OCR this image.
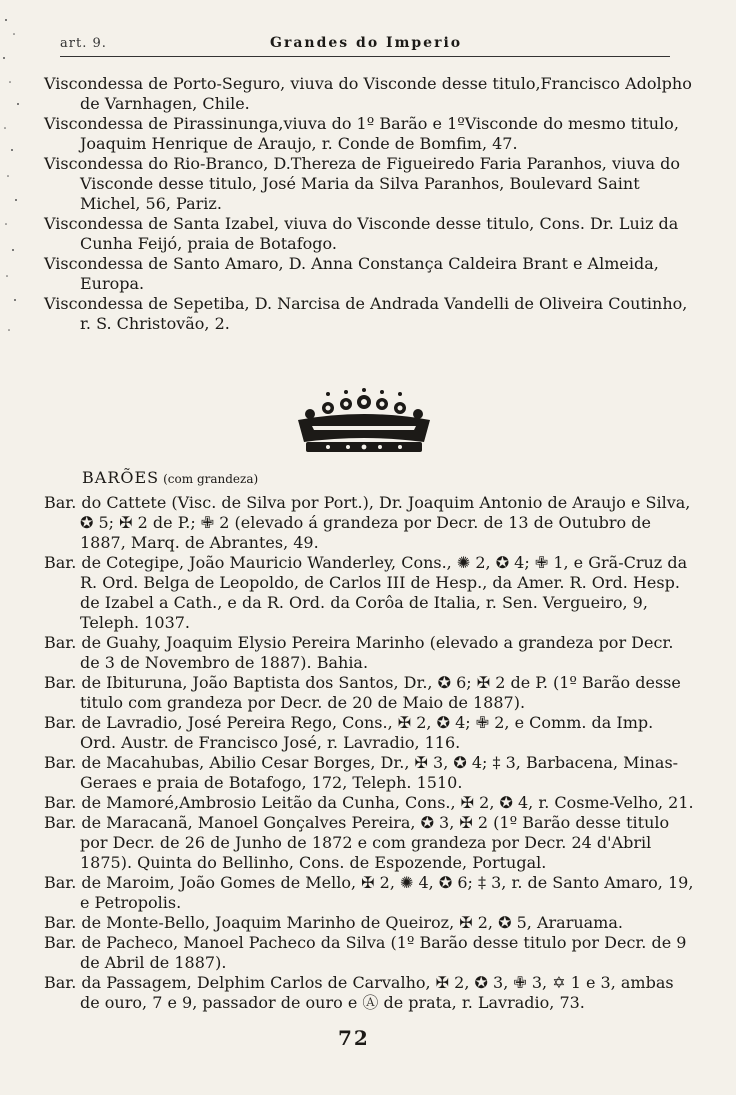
art. 9.	Grandes do Imperio

Viscondessa de Porto-Seguro, viuva do Visconde desse titulo,Francisco Adolpho de Varnhagen, Chile.

Viscondessa de Pirassinunga,viuva do 1º Barão e 1ºVisconde do mesmo titulo, Joaquim Henrique de Araujo, r. Conde de Bomfim, 47.

Viscondessa do Rio-Branco, D.Thereza de Figueiredo Faria Paranhos, viuva do Visconde desse titulo, José Maria da Silva Paranhos, Boulevard Saint Michel, 56, Pariz.

Viscondessa de Santa Izabel, viuva do Visconde desse titulo, Cons. Dr. Luiz da Cunha Feijó, praia de Botafogo.

Viscondessa de Santo Amaro, D. Anna Constança Caldeira Brant e Almeida, Europa.

Viscondessa de Sepetiba, D. Narcisa de Andrada Vandelli de Oliveira Coutinho, r. S. Christovão, 2.

BARÕES (com grandeza)

Bar. do Cattete (Visc. de Silva por Port.), Dr. Joaquim Antonio de Araujo e Silva, ✪ 5; ✠ 2 de P.; ✙ 2 (elevado á grandeza por Decr. de 13 de Outubro de 1887, Marq. de Abrantes, 49.

Bar. de Cotegipe, João Mauricio Wanderley, Cons., ✺ 2, ✪ 4; ✙ 1, e Grã-Cruz da R. Ord. Belga de Leopoldo, de Carlos III de Hesp., da Amer. R. Ord. Hesp. de Izabel a Cath., e da R. Ord. da Corôa de Italia, r. Sen. Vergueiro, 9, Teleph. 1037.

Bar. de Guahy, Joaquim Elysio Pereira Marinho (elevado a grandeza por Decr. de 3 de Novembro de 1887). Bahia.

Bar. de Ibituruna, João Baptista dos Santos, Dr., ✪ 6; ✠ 2 de P. (1º Barão desse titulo com grandeza por Decr. de 20 de Maio de 1887).

Bar. de Lavradio, José Pereira Rego, Cons., ✠ 2, ✪ 4; ✙ 2, e Comm. da Imp. Ord. Austr. de Francisco José, r. Lavradio, 116.

Bar. de Macahubas, Abilio Cesar Borges, Dr., ✠ 3, ✪ 4; ‡ 3, Barbacena, Minas-Geraes e praia de Botafogo, 172, Teleph. 1510.

Bar. de Mamoré,Ambrosio Leitão da Cunha, Cons., ✠ 2, ✪ 4, r. Cosme-Velho, 21.

Bar. de Maracanã, Manoel Gonçalves Pereira, ✪ 3, ✠ 2 (1º Barão desse titulo por Decr. de 26 de Junho de 1872 e com grandeza por Decr. 24 d'Abril 1875). Quinta do Bellinho, Cons. de Espozende, Portugal.

Bar. de Maroim, João Gomes de Mello, ✠ 2, ✺ 4, ✪ 6; ‡ 3, r. de Santo Amaro, 19, e Petropolis.

Bar. de Monte-Bello, Joaquim Marinho de Queiroz, ✠ 2, ✪ 5, Araruama.

Bar. de Pacheco, Manoel Pacheco da Silva (1º Barão desse titulo por Decr. de 9 de Abril de 1887).

Bar. da Passagem, Delphim Carlos de Carvalho, ✠ 2, ✪ 3, ✙ 3, ✡ 1 e 3, ambas de ouro, 7 e 9, passador de ouro e Ⓐ de prata, r. Lavradio, 73.

72
